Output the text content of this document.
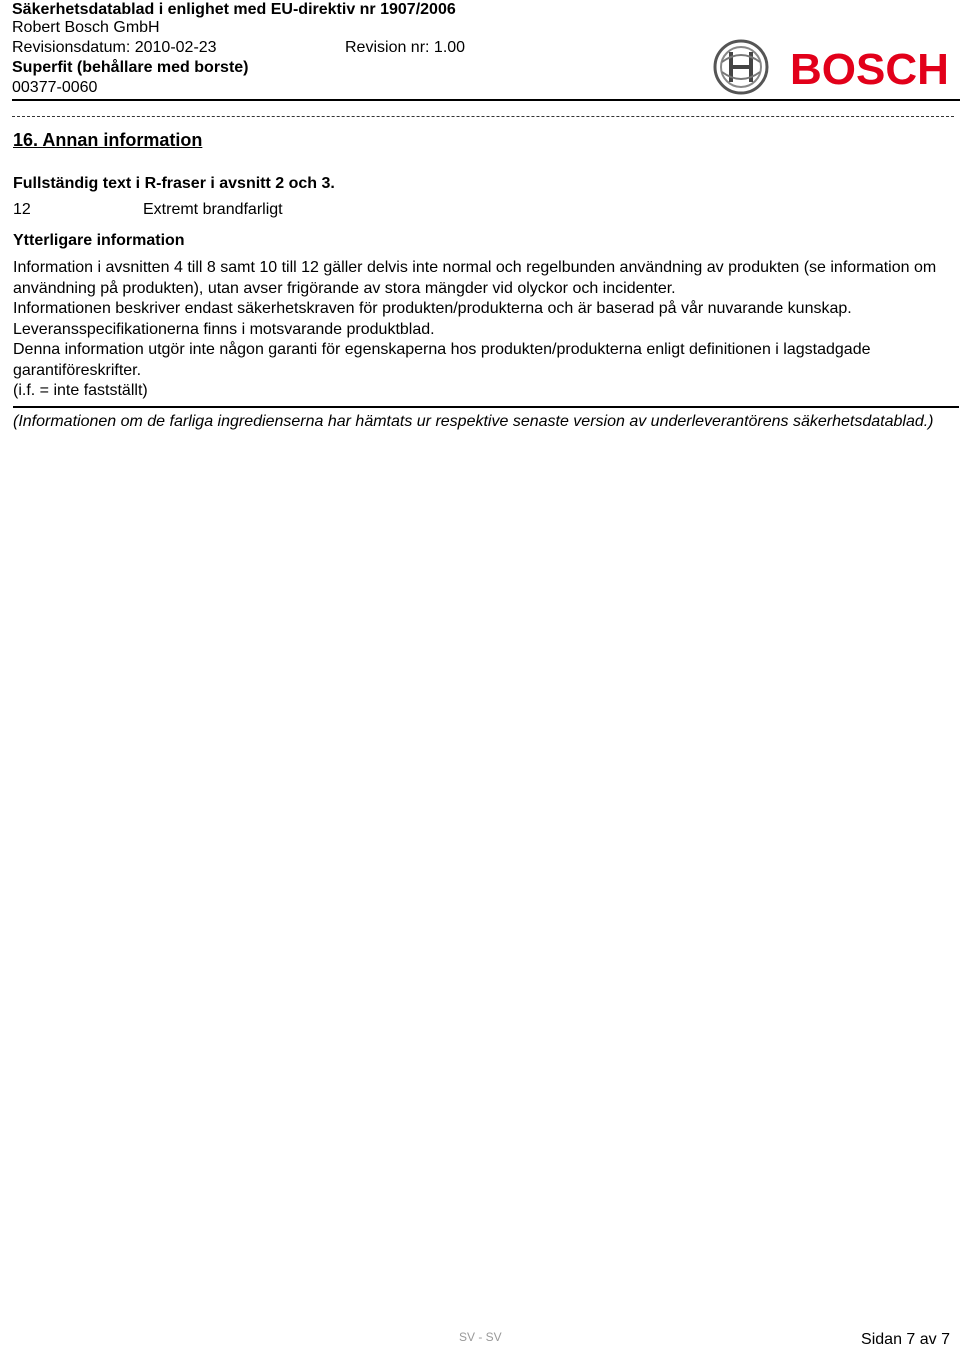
Säkerhetsdatablad i enlighet med EU-direktiv nr 1907/2006
Robert Bosch GmbH
Revisionsdatum: 2010-02-23	Revision nr: 1.00
Superfit (behållare med borste)
00377-0060	BOSCH

16. Annan information

Fullständig text i R-fraser i avsnitt 2 och 3.

12	Extremt brandfarligt

Ytterligare information

Information i avsnitten 4 till 8 samt 10 till 12 gäller delvis inte normal och regelbunden användning av produkten (se information om användning på produkten), utan avser frigörande av stora mängder vid olyckor och incidenter.

Informationen beskriver endast säkerhetskraven för produkten/produkterna och är baserad på vår nuvarande kunskap.

Leveransspecifikationerna finns i motsvarande produktblad.

Denna information utgör inte någon garanti för egenskaperna hos produkten/produkterna enligt definitionen i lagstadgade garantiföreskrifter.

(i.f. = inte fastställt)

(Informationen om de farliga ingredienserna har hämtats ur respektive senaste version av underleverantörens säkerhetsdatablad.)

SV - SV	Sidan 7 av 7
